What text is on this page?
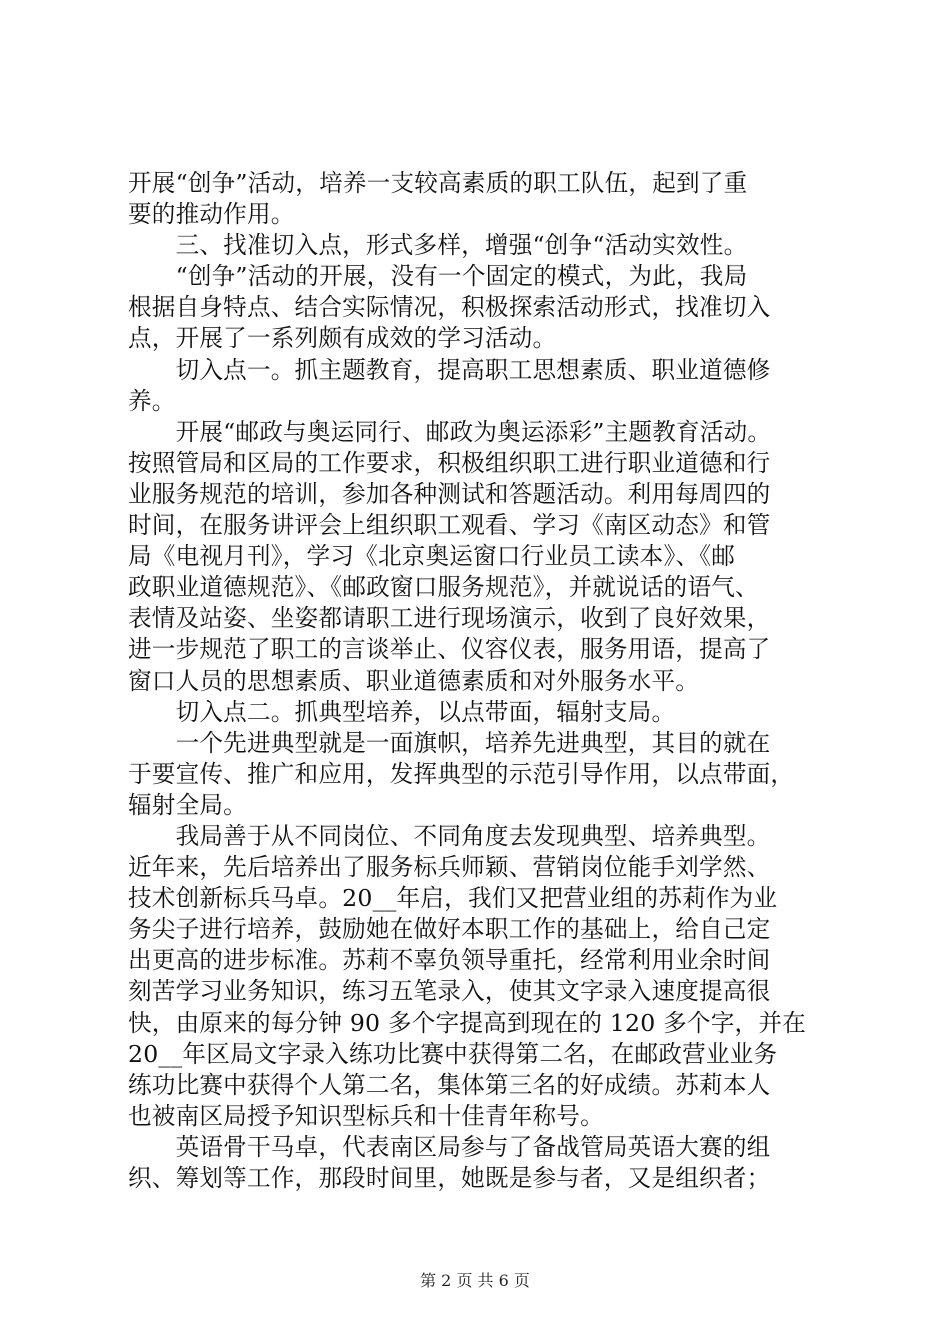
开展“创争”活动，培养一支较高素质的职工队伍，起到了重
要的推动作用。
　　三、找准切入点，形式多样，增强“创争“活动实效性。
　　“创争”活动的开展，没有一个固定的模式，为此，我局
根据自身特点、结合实际情况，积极探索活动形式，找准切入
点，开展了一系列颇有成效的学习活动。
　　切入点一。抓主题教育，提高职工思想素质、职业道德修
养。
　　开展“邮政与奥运同行、邮政为奥运添彩”主题教育活动。
按照管局和区局的工作要求，积极组织职工进行职业道德和行
业服务规范的培训，参加各种测试和答题活动。利用每周四的
时间，在服务讲评会上组织职工观看、学习《南区动态》和管
局《电视月刊》，学习《北京奥运窗口行业员工读本》、《邮
政职业道德规范》、《邮政窗口服务规范》，并就说话的语气、
表情及站姿、坐姿都请职工进行现场演示，收到了良好效果，
进一步规范了职工的言谈举止、仪容仪表，服务用语，提高了
窗口人员的思想素质、职业道德素质和对外服务水平。
　　切入点二。抓典型培养，以点带面，辐射支局。
　　一个先进典型就是一面旗帜，培养先进典型，其目的就在
于要宣传、推广和应用，发挥典型的示范引导作用，以点带面，
辐射全局。
　　我局善于从不同岗位、不同角度去发现典型、培养典型。
近年来，先后培养出了服务标兵师颖、营销岗位能手刘学然、
技术创新标兵马卓。20__年启，我们又把营业组的苏莉作为业
务尖子进行培养，鼓励她在做好本职工作的基础上，给自己定
出更高的进步标准。苏莉不辜负领导重托，经常利用业余时间
刻苦学习业务知识，练习五笔录入，使其文字录入速度提高很
快，由原来的每分钟 90 多个字提高到现在的 120 多个字，并在
20__年区局文字录入练功比赛中获得第二名，在邮政营业业务
练功比赛中获得个人第二名，集体第三名的好成绩。苏莉本人
也被南区局授予知识型标兵和十佳青年称号。
　　英语骨干马卓，代表南区局参与了备战管局英语大赛的组
织、筹划等工作，那段时间里，她既是参与者，又是组织者；
第 2 页 共 6 页
